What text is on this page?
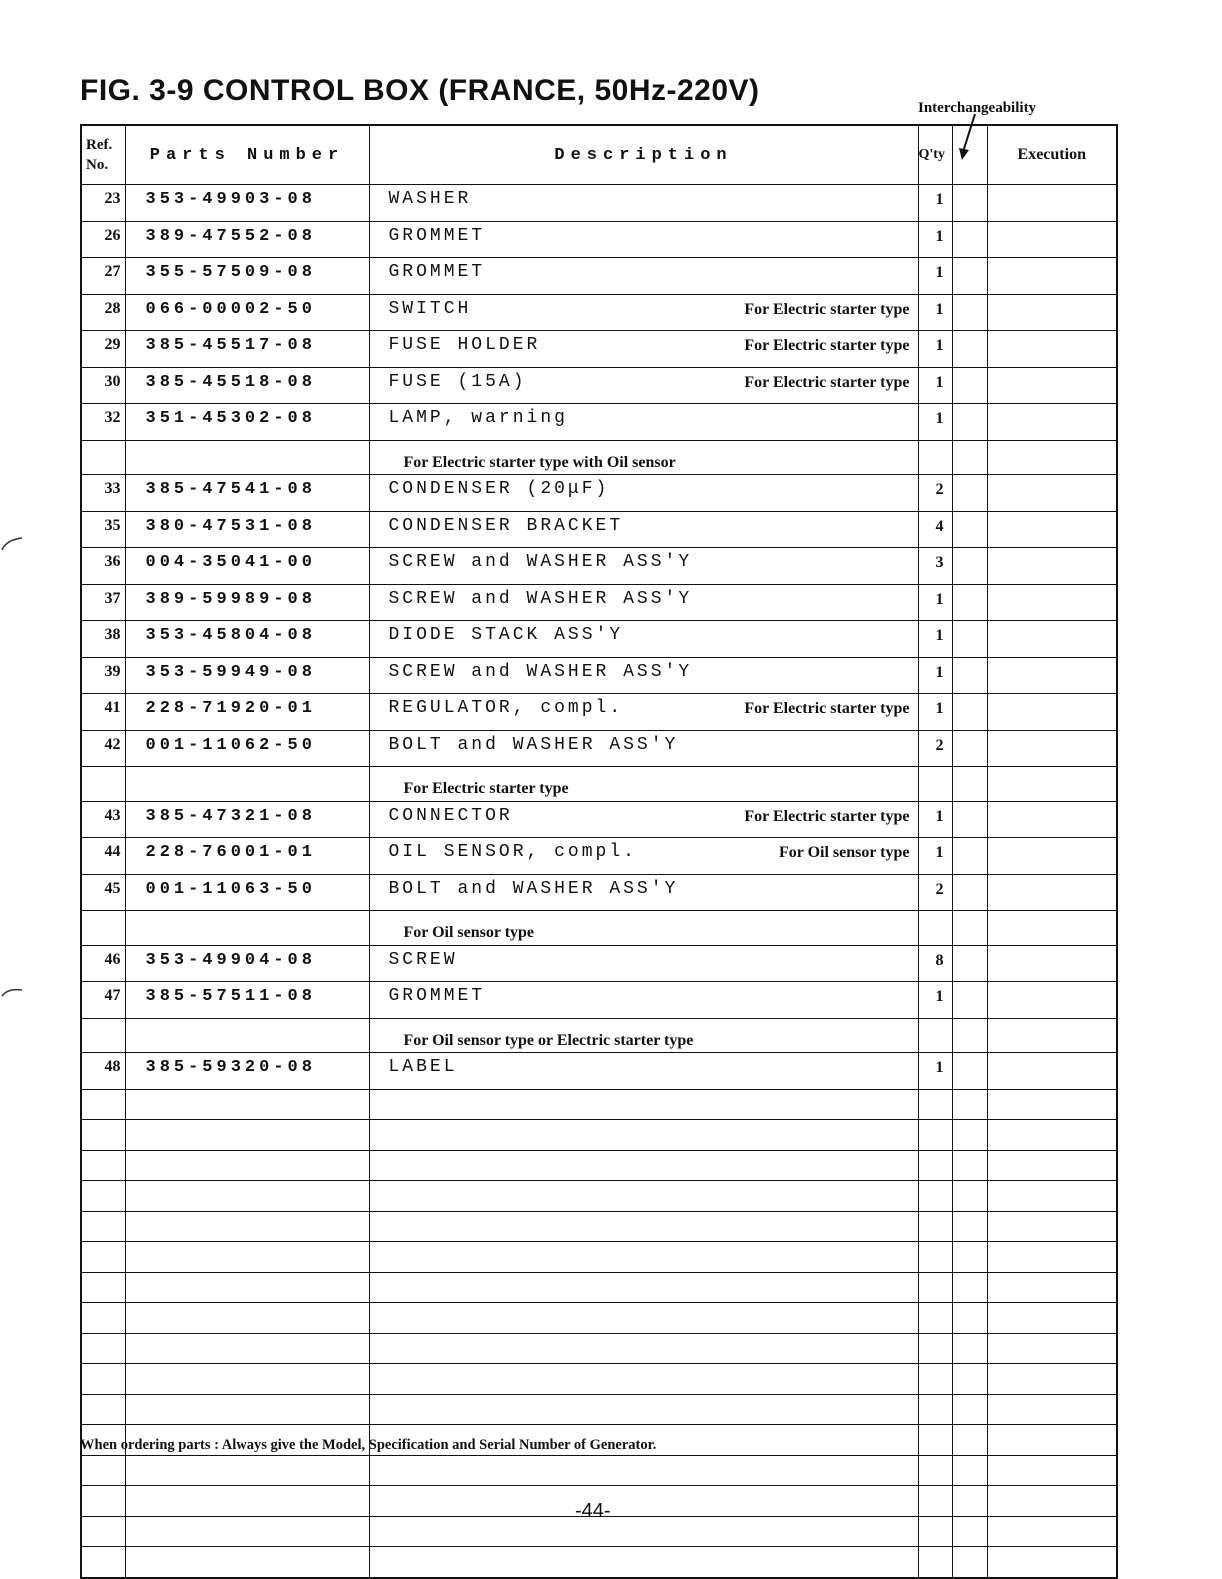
FIG. 3-9 CONTROL BOX (FRANCE, 50Hz-220V)
Interchangeability
Ref.
No.	Parts Number	Description	Q'ty		Execution
23	353-49903-08	WASHER	1		
26	389-47552-08	GROMMET	1		
27	355-57509-08	GROMMET	1		
28	066-00002-50	SWITCH For Electric starter type	1		
29	385-45517-08	FUSE HOLDER For Electric starter type	1		
30	385-45518-08	FUSE (15A) For Electric starter type	1		
32	351-45302-08	LAMP, warning	1		

		For Electric starter type with Oil sensor			

33	385-47541-08	CONDENSER (20μF)	2		
35	380-47531-08	CONDENSER BRACKET	4		
36	004-35041-00	SCREW and WASHER ASS'Y	3		
37	389-59989-08	SCREW and WASHER ASS'Y	1		
38	353-45804-08	DIODE STACK ASS'Y	1		
39	353-59949-08	SCREW and WASHER ASS'Y	1		
41	228-71920-01	REGULATOR, compl. For Electric starter type	1		
42	001-11062-50	BOLT and WASHER ASS'Y	2		

		For Electric starter type			

43	385-47321-08	CONNECTOR For Electric starter type	1		
44	228-76001-01	OIL SENSOR, compl. For Oil sensor type	1		
45	001-11063-50	BOLT and WASHER ASS'Y	2		

		For Oil sensor type			

46	353-49904-08	SCREW	8		
47	385-57511-08	GROMMET	1		

		For Oil sensor type or Electric starter type			

48	385-59320-08	LABEL	1		

When ordering parts : Always give the Model, Specification and Serial Number of Generator.
-44-
